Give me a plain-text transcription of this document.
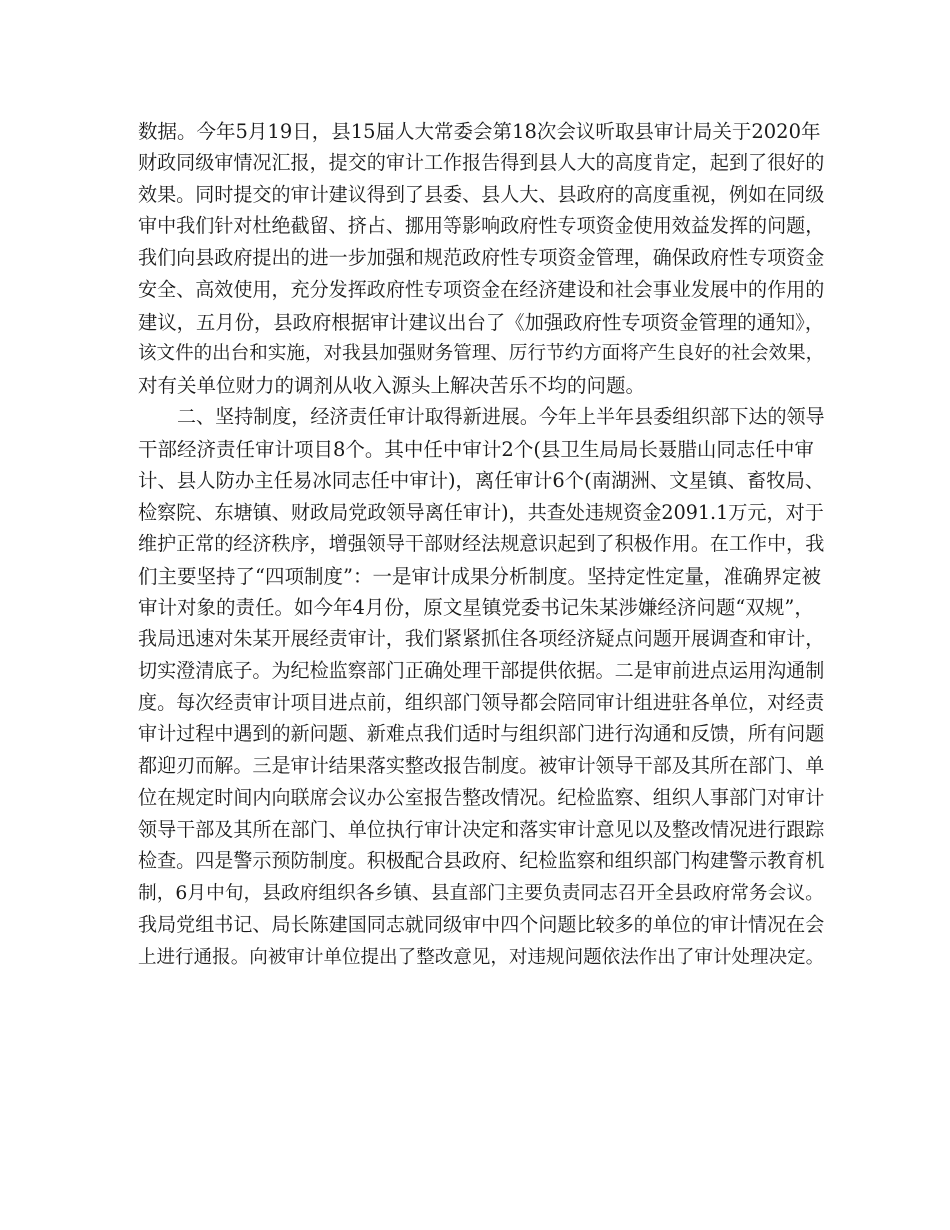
数据。今年5月19日，县15届人大常委会第18次会议听取县审计局关于2020年
财政同级审情况汇报，提交的审计工作报告得到县人大的高度肯定，起到了很好的
效果。同时提交的审计建议得到了县委、县人大、县政府的高度重视，例如在同级
审中我们针对杜绝截留、挤占、挪用等影响政府性专项资金使用效益发挥的问题，
我们向县政府提出的进一步加强和规范政府性专项资金管理，确保政府性专项资金
安全、高效使用，充分发挥政府性专项资金在经济建设和社会事业发展中的作用的
建议，五月份，县政府根据审计建议出台了《加强政府性专项资金管理的通知》，
该文件的出台和实施，对我县加强财务管理、厉行节约方面将产生良好的社会效果，
对有关单位财力的调剂从收入源头上解决苦乐不均的问题。
二、坚持制度，经济责任审计取得新进展。今年上半年县委组织部下达的领导
干部经济责任审计项目8个。其中任中审计2个(县卫生局局长聂腊山同志任中审
计、县人防办主任易冰同志任中审计)，离任审计6个(南湖洲、文星镇、畜牧局、
检察院、东塘镇、财政局党政领导离任审计)，共查处违规资金2091.1万元，对于
维护正常的经济秩序，增强领导干部财经法规意识起到了积极作用。在工作中，我
们主要坚持了“四项制度”：一是审计成果分析制度。坚持定性定量，准确界定被
审计对象的责任。如今年4月份，原文星镇党委书记朱某涉嫌经济问题“双规”，
我局迅速对朱某开展经责审计，我们紧紧抓住各项经济疑点问题开展调查和审计，
切实澄清底子。为纪检监察部门正确处理干部提供依据。二是审前进点运用沟通制
度。每次经责审计项目进点前，组织部门领导都会陪同审计组进驻各单位，对经责
审计过程中遇到的新问题、新难点我们适时与组织部门进行沟通和反馈，所有问题
都迎刃而解。三是审计结果落实整改报告制度。被审计领导干部及其所在部门、单
位在规定时间内向联席会议办公室报告整改情况。纪检监察、组织人事部门对审计
领导干部及其所在部门、单位执行审计决定和落实审计意见以及整改情况进行跟踪
检查。四是警示预防制度。积极配合县政府、纪检监察和组织部门构建警示教育机
制，6月中旬，县政府组织各乡镇、县直部门主要负责同志召开全县政府常务会议。
我局党组书记、局长陈建国同志就同级审中四个问题比较多的单位的审计情况在会
上进行通报。向被审计单位提出了整改意见，对违规问题依法作出了审计处理决定。
